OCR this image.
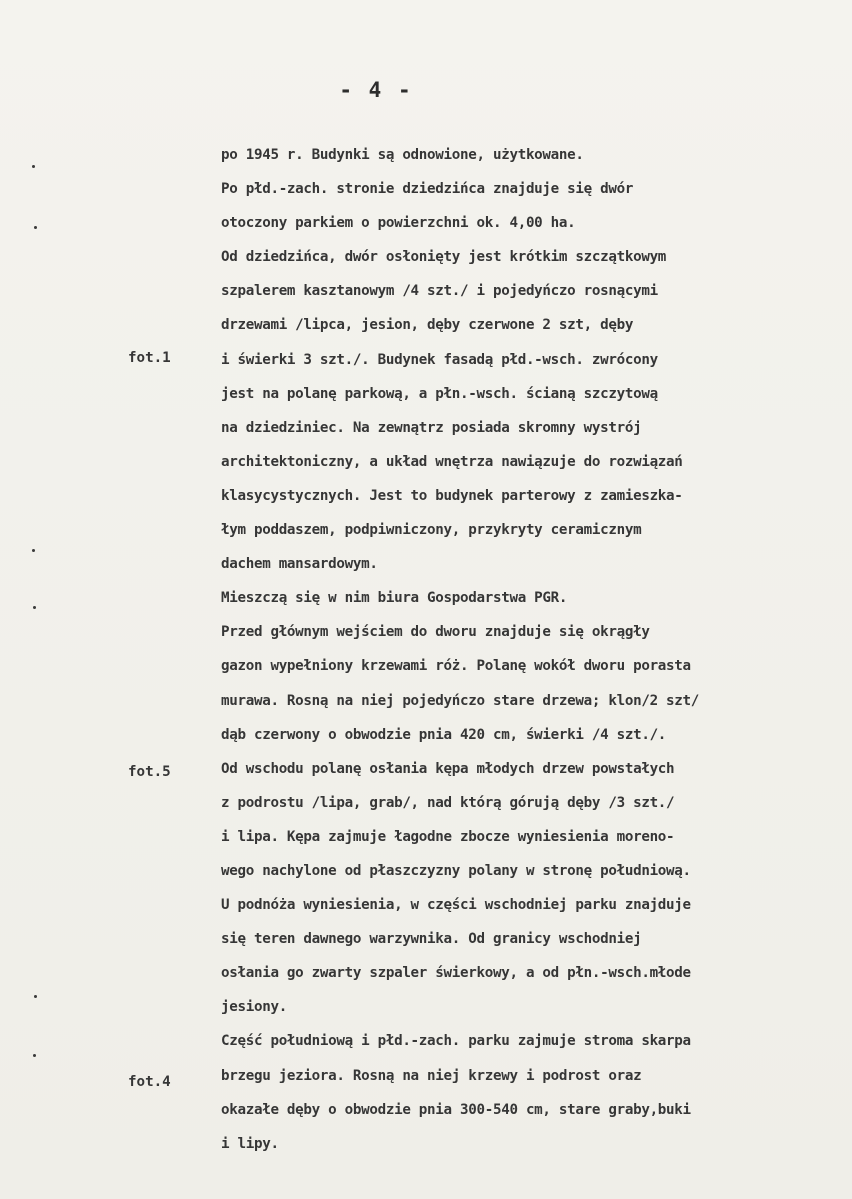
- 4 -
fot.1
fot.5
fot.4
po 1945 r. Budynki są odnowione, użytkowane.
Po płd.-zach. stronie dziedzińca znajduje się dwór
otoczony parkiem o powierzchni ok. 4,00 ha.
Od dziedzińca, dwór osłonięty jest krótkim szczątkowym
szpalerem kasztanowym /4 szt./ i pojedyńczo rosnącymi
drzewami /lipca, jesion, dęby czerwone 2 szt, dęby
i świerki 3 szt./. Budynek fasadą płd.-wsch. zwrócony
jest na polanę parkową, a płn.-wsch. ścianą szczytową
na dziedziniec. Na zewnątrz posiada skromny wystrój
architektoniczny, a układ wnętrza nawiązuje do rozwiązań
klasycystycznych. Jest to budynek parterowy z zamieszka-
łym poddaszem, podpiwniczony, przykryty ceramicznym
dachem mansardowym.
Mieszczą się w nim biura Gospodarstwa PGR.
Przed głównym wejściem do dworu znajduje się okrągły
gazon wypełniony krzewami róż. Polanę wokół dworu porasta
murawa. Rosną na niej pojedyńczo stare drzewa; klon/2 szt/
dąb czerwony o obwodzie pnia 420 cm, świerki /4 szt./.
Od wschodu polanę osłania kępa młodych drzew powstałych
z podrostu /lipa, grab/, nad którą górują dęby /3 szt./
i lipa. Kępa zajmuje łagodne zbocze wyniesienia moreno-
wego nachylone od płaszczyzny polany w stronę południową.
U podnóża wyniesienia, w części wschodniej parku znajduje
się teren dawnego warzywnika. Od granicy wschodniej
osłania go zwarty szpaler świerkowy, a od płn.-wsch.młode
jesiony.
Część południową i płd.-zach. parku zajmuje stroma skarpa
brzegu jeziora. Rosną na niej krzewy i podrost oraz
okazałe dęby o obwodzie pnia 300-540 cm, stare graby,buki
i lipy.
